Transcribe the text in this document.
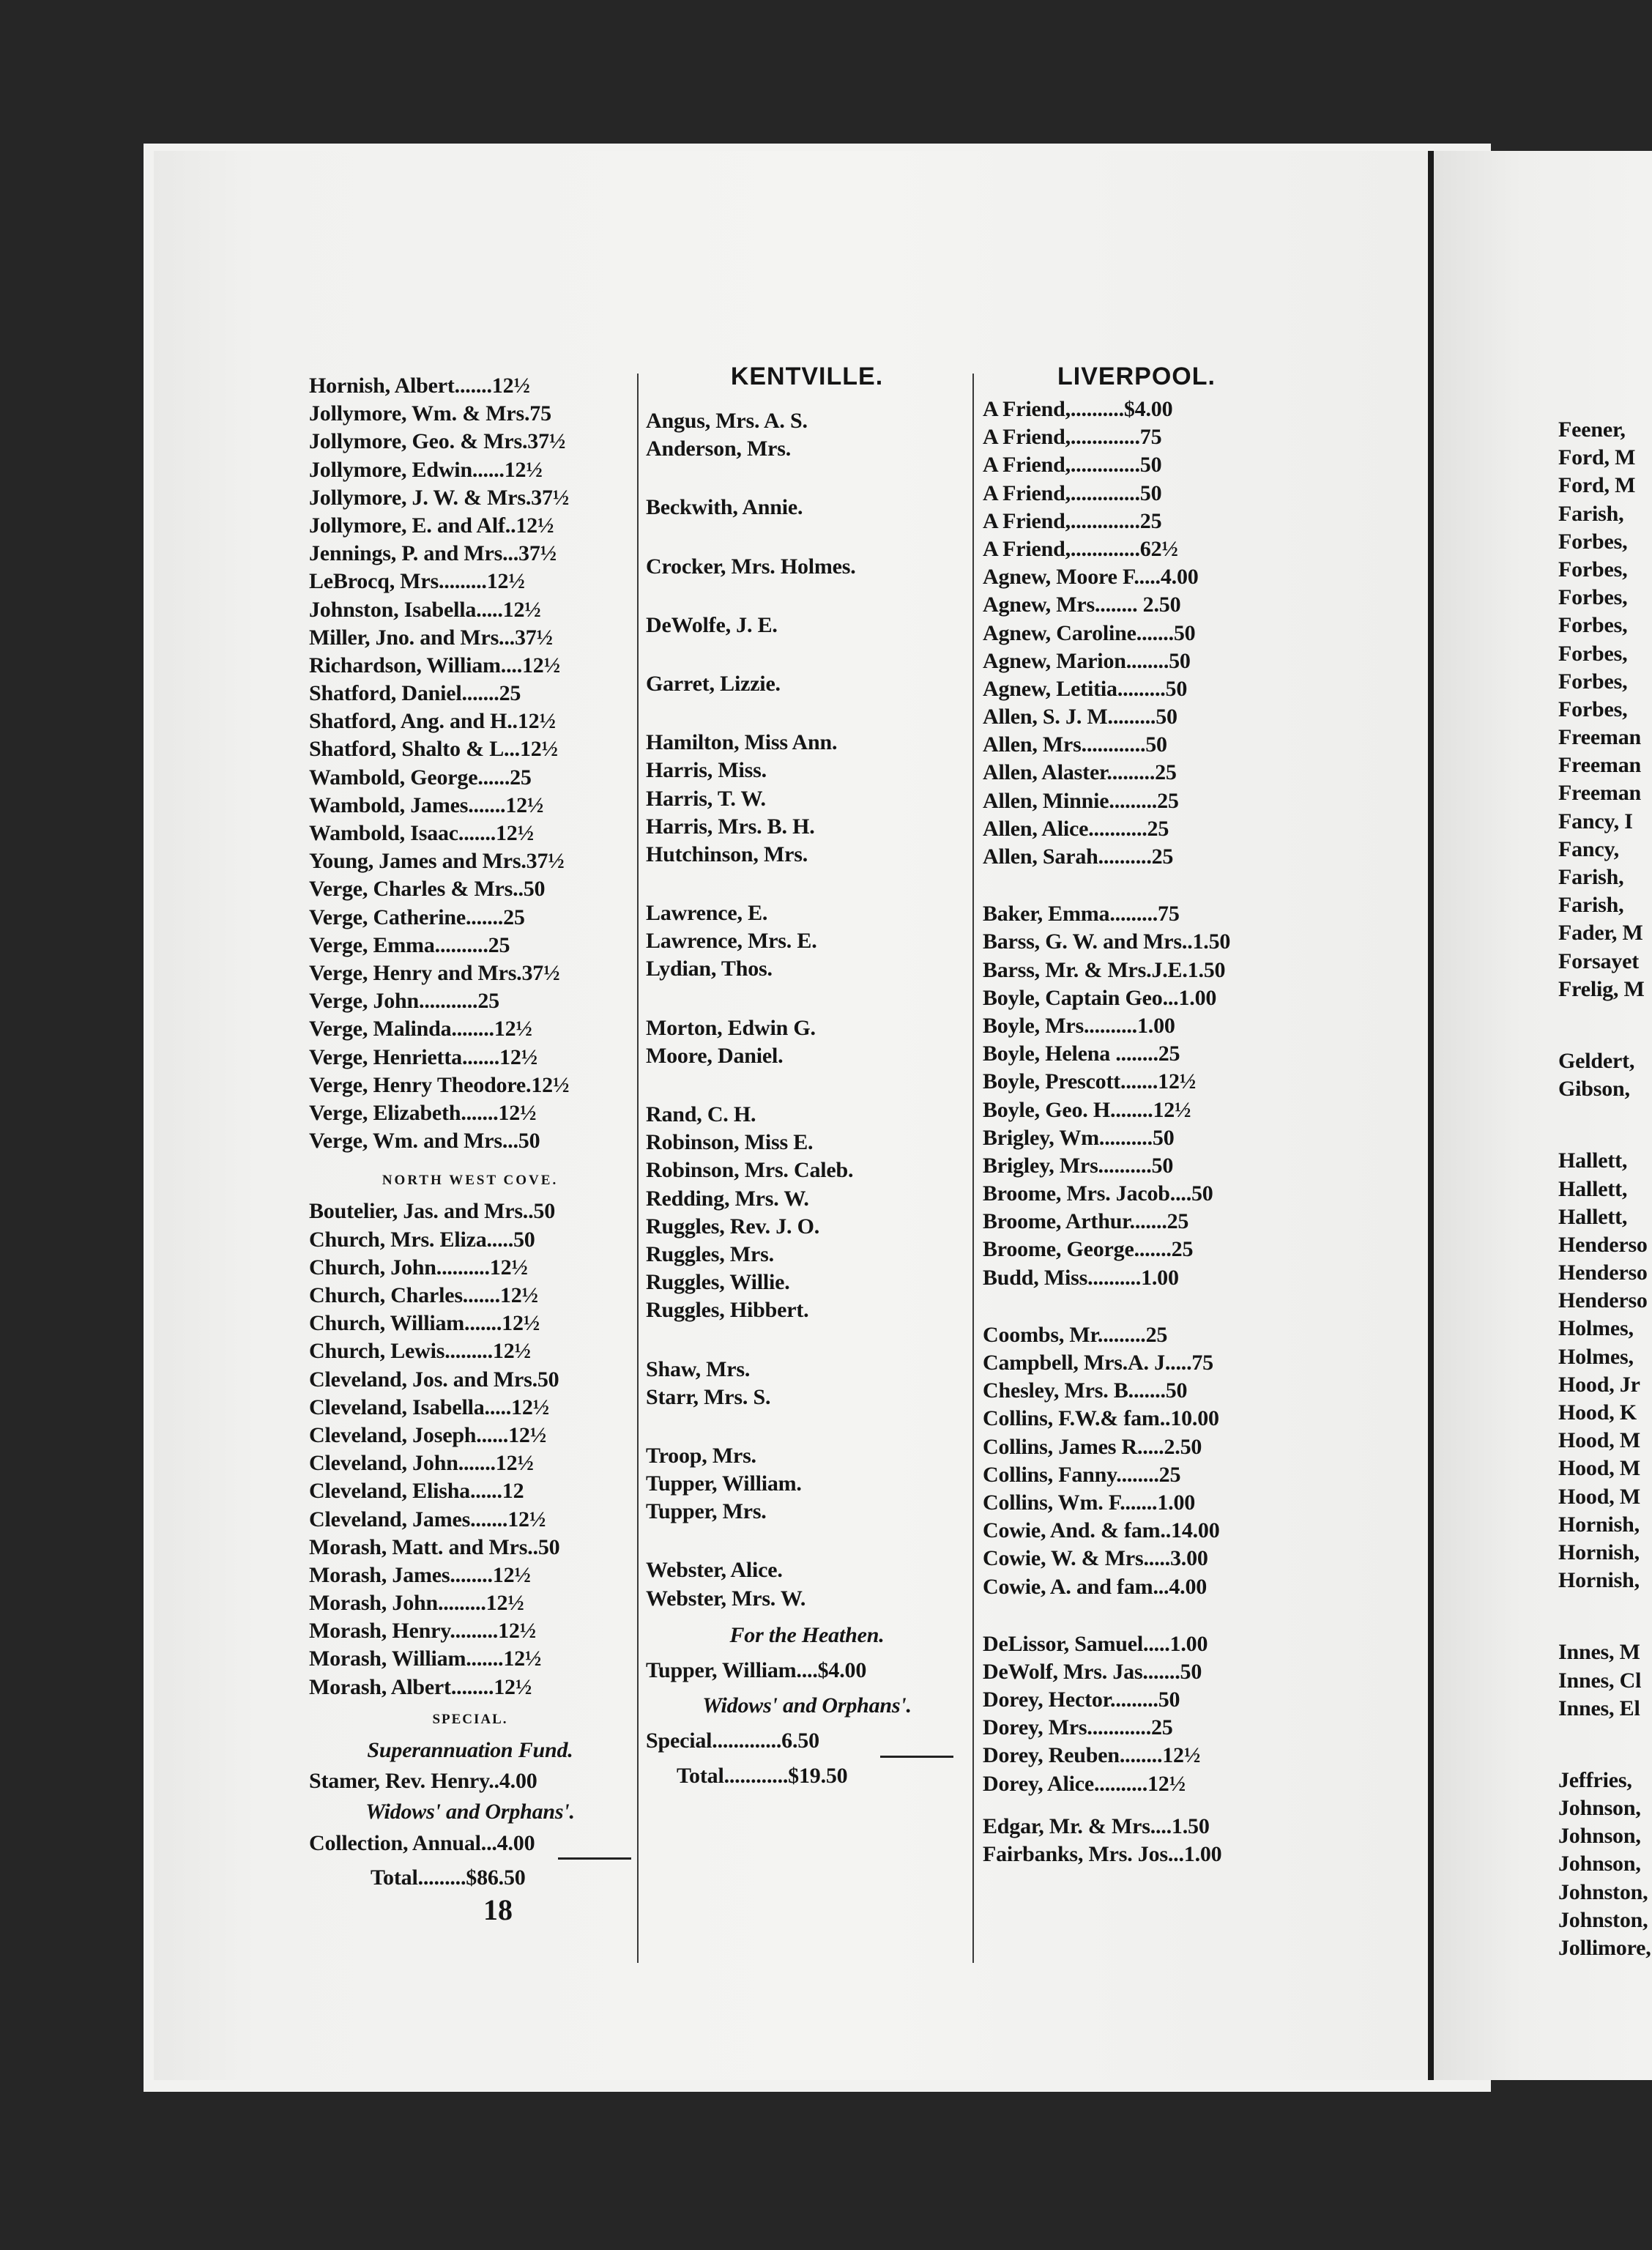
Hornish, Albert.......12½
Jollymore, Wm. & Mrs.75
Jollymore, Geo. & Mrs.37½
Jollymore, Edwin......12½
Jollymore, J. W. & Mrs.37½
Jollymore, E. and Alf..12½
Jennings, P. and Mrs...37½
LeBrocq, Mrs.........12½
Johnston, Isabella.....12½
Miller, Jno. and Mrs...37½
Richardson, William....12½
Shatford, Daniel.......25
Shatford, Ang. and H..12½
Shatford, Shalto & L...12½
Wambold, George......25
Wambold, James.......12½
Wambold, Isaac.......12½
Young, James and Mrs.37½
Verge, Charles & Mrs..50
Verge, Catherine.......25
Verge, Emma..........25
Verge, Henry and Mrs.37½
Verge, John...........25
Verge, Malinda........12½
Verge, Henrietta.......12½
Verge, Henry Theodore.12½
Verge, Elizabeth.......12½
Verge, Wm. and Mrs...50
NORTH WEST COVE.
Boutelier, Jas. and Mrs..50
Church, Mrs. Eliza.....50
Church, John..........12½
Church, Charles.......12½
Church, William.......12½
Church, Lewis.........12½
Cleveland, Jos. and Mrs.50
Cleveland, Isabella.....12½
Cleveland, Joseph......12½
Cleveland, John.......12½
Cleveland, Elisha......12
Cleveland, James.......12½
Morash, Matt. and Mrs..50
Morash, James........12½
Morash, John.........12½
Morash, Henry.........12½
Morash, William.......12½
Morash, Albert........12½
SPECIAL.
Superannuation Fund.
Stamer, Rev. Henry..4.00
Widows' and Orphans'.
Collection, Annual...4.00
Total.........$86.50
18
KENTVILLE.
Angus, Mrs. A. S.
Anderson, Mrs.
Beckwith, Annie.
Crocker, Mrs. Holmes.
DeWolfe, J. E.
Garret, Lizzie.
Hamilton, Miss Ann.
Harris, Miss.
Harris, T. W.
Harris, Mrs. B. H.
Hutchinson, Mrs.
Lawrence, E.
Lawrence, Mrs. E.
Lydian, Thos.
Morton, Edwin G.
Moore, Daniel.
Rand, C. H.
Robinson, Miss E.
Robinson, Mrs. Caleb.
Redding, Mrs. W.
Ruggles, Rev. J. O.
Ruggles, Mrs.
Ruggles, Willie.
Ruggles, Hibbert.
Shaw, Mrs.
Starr, Mrs. S.
Troop, Mrs.
Tupper, William.
Tupper, Mrs.
Webster, Alice.
Webster, Mrs. W.
For the Heathen.
Tupper, William....$4.00
Widows' and Orphans'.
Special.............6.50
Total............$19.50
LIVERPOOL.
A Friend,..........$4.00
A Friend,.............75
A Friend,.............50
A Friend,.............50
A Friend,.............25
A Friend,.............62½
Agnew, Moore F.....4.00
Agnew, Mrs........ 2.50
Agnew, Caroline.......50
Agnew, Marion........50
Agnew, Letitia.........50
Allen, S. J. M.........50
Allen, Mrs............50
Allen, Alaster.........25
Allen, Minnie.........25
Allen, Alice...........25
Allen, Sarah..........25
Baker, Emma.........75
Barss, G. W. and Mrs..1.50
Barss, Mr. & Mrs.J.E.1.50
Boyle, Captain Geo...1.00
Boyle, Mrs..........1.00
Boyle, Helena ........25
Boyle, Prescott.......12½
Boyle, Geo. H........12½
Brigley, Wm..........50
Brigley, Mrs..........50
Broome, Mrs. Jacob....50
Broome, Arthur.......25
Broome, George.......25
Budd, Miss..........1.00
Coombs, Mr.........25
Campbell, Mrs.A. J.....75
Chesley, Mrs. B.......50
Collins, F.W.& fam..10.00
Collins, James R.....2.50
Collins, Fanny........25
Collins, Wm. F.......1.00
Cowie, And. & fam..14.00
Cowie, W. & Mrs.....3.00
Cowie, A. and fam...4.00
DeLissor, Samuel.....1.00
DeWolf, Mrs. Jas.......50
Dorey, Hector.........50
Dorey, Mrs............25
Dorey, Reuben........12½
Dorey, Alice..........12½
Edgar, Mr. & Mrs....1.50
Fairbanks, Mrs. Jos...1.00
Feener,
Ford, M
Ford, M
Farish,
Forbes,
Forbes,
Forbes,
Forbes,
Forbes,
Forbes,
Forbes,
Freeman
Freeman
Freeman
Fancy, I
Fancy,
Farish,
Farish,
Fader, M
Forsayet
Frelig, M
Geldert,
Gibson,
Hallett,
Hallett,
Hallett,
Henderso
Henderso
Henderso
Holmes,
Holmes,
Hood, Jr
Hood, K
Hood, M
Hood, M
Hood, M
Hornish,
Hornish,
Hornish,
Innes, M
Innes, Cl
Innes, El
Jeffries,
Johnson,
Johnson,
Johnson,
Johnston,
Johnston,
Jollimore,
